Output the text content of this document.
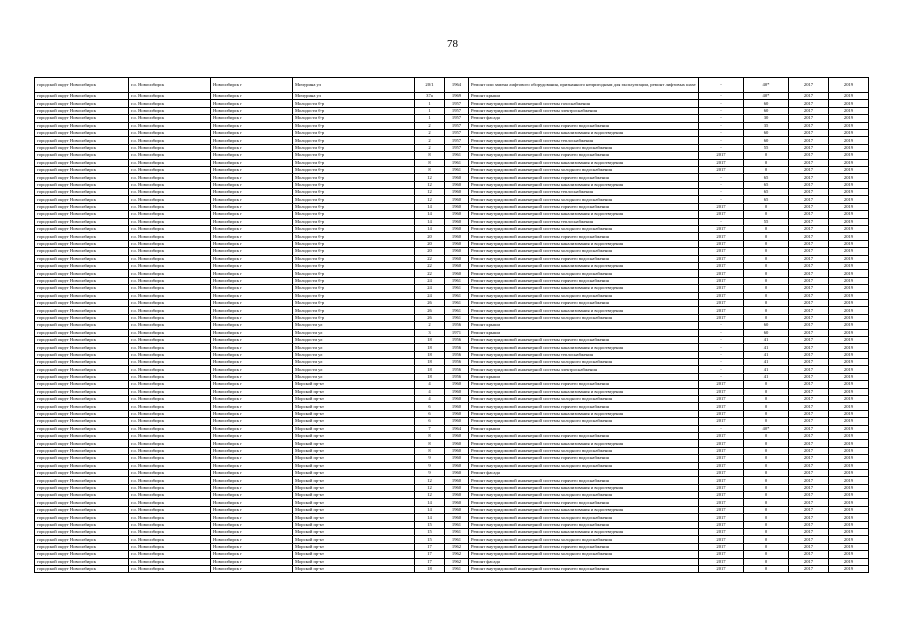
78
городской округ Новосибирск	г.о. Новосибирск	Новосибирск г	Мичурина ул	20/1	1964	Ремонт или замена лифтового оборудования, признанного непригодным для эксплуатации, ремонт лифтовых шахт	-	40*	2017	2019
городской округ Новосибирск	г.о. Новосибирск	Новосибирск г	Мичурина ул	37а	1969	Ремонт крыши	-	40*	2017	2019
городской округ Новосибирск	г.о. Новосибирск	Новосибирск г	Молодости б-р	1	1957	Ремонт внутридомовой инженерной системы газоснабжения	-	60	2017	2019
городской округ Новосибирск	г.о. Новосибирск	Новосибирск г	Молодости б-р	1	1957	Ремонт внутридомовой инженерной системы электроснабжения	-	60	2017	2019
городской округ Новосибирск	г.о. Новосибирск	Новосибирск г	Молодости б-р	1	1957	Ремонт фасада	-	30	2017	2019
городской округ Новосибирск	г.о. Новосибирск	Новосибирск г	Молодости б-р	2	1957	Ремонт внутридомовой инженерной системы горячего водоснабжения	-	35	2017	2019
городской округ Новосибирск	г.о. Новосибирск	Новосибирск г	Молодости б-р	2	1957	Ремонт внутридомовой инженерной системы канализования и водоотведения	-	60	2017	2019
городской округ Новосибирск	г.о. Новосибирск	Новосибирск г	Молодости б-р	2	1957	Ремонт внутридомовой инженерной системы теплоснабжения	-	60	2017	2019
городской округ Новосибирск	г.о. Новосибирск	Новосибирск г	Молодости б-р	2	1957	Ремонт внутридомовой инженерной системы холодного водоснабжения	-	55	2017	2019
городской округ Новосибирск	г.о. Новосибирск	Новосибирск г	Молодости б-р	8	1961	Ремонт внутридомовой инженерной системы горячего водоснабжения	2017	0	2017	2019
городской округ Новосибирск	г.о. Новосибирск	Новосибирск г	Молодости б-р	8	1961	Ремонт внутридомовой инженерной системы канализования и водоотведения	2017	0	2017	2019
городской округ Новосибирск	г.о. Новосибирск	Новосибирск г	Молодости б-р	8	1961	Ремонт внутридомовой инженерной системы холодного водоснабжения	2017	0	2017	2019
городской округ Новосибирск	г.о. Новосибирск	Новосибирск г	Молодости б-р	12	1960	Ремонт внутридомовой инженерной системы горячего водоснабжения	-	65	2017	2019
городской округ Новосибирск	г.о. Новосибирск	Новосибирск г	Молодости б-р	12	1960	Ремонт внутридомовой инженерной системы канализования и водоотведения	-	65	2017	2019
городской округ Новосибирск	г.о. Новосибирск	Новосибирск г	Молодости б-р	12	1960	Ремонт внутридомовой инженерной системы теплоснабжения	-	65	2017	2019
городской округ Новосибирск	г.о. Новосибирск	Новосибирск г	Молодости б-р	12	1960	Ремонт внутридомовой инженерной системы холодного водоснабжения	-	65	2017	2019
городской округ Новосибирск	г.о. Новосибирск	Новосибирск г	Молодости б-р	14	1960	Ремонт внутридомовой инженерной системы горячего водоснабжения	2017	0	2017	2019
городской округ Новосибирск	г.о. Новосибирск	Новосибирск г	Молодости б-р	14	1960	Ремонт внутридомовой инженерной системы канализования и водоотведения	2017	0	2017	2019
городской округ Новосибирск	г.о. Новосибирск	Новосибирск г	Молодости б-р	14	1960	Ремонт внутридомовой инженерной системы теплоснабжения	-	55	2017	2019
городской округ Новосибирск	г.о. Новосибирск	Новосибирск г	Молодости б-р	14	1960	Ремонт внутридомовой инженерной системы холодного водоснабжения	2017	0	2017	2019
городской округ Новосибирск	г.о. Новосибирск	Новосибирск г	Молодости б-р	20	1960	Ремонт внутридомовой инженерной системы горячего водоснабжения	2017	0	2017	2019
городской округ Новосибирск	г.о. Новосибирск	Новосибирск г	Молодости б-р	20	1960	Ремонт внутридомовой инженерной системы канализования и водоотведения	2017	0	2017	2019
городской округ Новосибирск	г.о. Новосибирск	Новосибирск г	Молодости б-р	20	1960	Ремонт внутридомовой инженерной системы холодного водоснабжения	2017	0	2017	2019
городской округ Новосибирск	г.о. Новосибирск	Новосибирск г	Молодости б-р	22	1960	Ремонт внутридомовой инженерной системы горячего водоснабжения	2017	0	2017	2019
городской округ Новосибирск	г.о. Новосибирск	Новосибирск г	Молодости б-р	22	1960	Ремонт внутридомовой инженерной системы канализования и водоотведения	2017	0	2017	2019
городской округ Новосибирск	г.о. Новосибирск	Новосибирск г	Молодости б-р	22	1960	Ремонт внутридомовой инженерной системы холодного водоснабжения	2017	0	2017	2019
городской округ Новосибирск	г.о. Новосибирск	Новосибирск г	Молодости б-р	24	1961	Ремонт внутридомовой инженерной системы горячего водоснабжения	2017	0	2017	2019
городской округ Новосибирск	г.о. Новосибирск	Новосибирск г	Молодости б-р	24	1961	Ремонт внутридомовой инженерной системы канализования и водоотведения	2017	0	2017	2019
городской округ Новосибирск	г.о. Новосибирск	Новосибирск г	Молодости б-р	24	1961	Ремонт внутридомовой инженерной системы холодного водоснабжения	2017	0	2017	2019
городской округ Новосибирск	г.о. Новосибирск	Новосибирск г	Молодости б-р	26	1961	Ремонт внутридомовой инженерной системы горячего водоснабжения	2017	0	2017	2019
городской округ Новосибирск	г.о. Новосибирск	Новосибирск г	Молодости б-р	26	1961	Ремонт внутридомовой инженерной системы канализования и водоотведения	2017	0	2017	2019
городской округ Новосибирск	г.о. Новосибирск	Новосибирск г	Молодости б-р	26	1961	Ремонт внутридомовой инженерной системы холодного водоснабжения	2017	0	2017	2019
городской округ Новосибирск	г.о. Новосибирск	Новосибирск г	Молодости ул	2	1956	Ремонт крыши	-	60	2017	2019
городской округ Новосибирск	г.о. Новосибирск	Новосибирск г	Молодости ул	3	1971	Ремонт крыши	-	60	2017	2019
городской округ Новосибирск	г.о. Новосибирск	Новосибирск г	Молодости ул	18	1956	Ремонт внутридомовой инженерной системы горячего водоснабжения	-	41	2017	2019
городской округ Новосибирск	г.о. Новосибирск	Новосибирск г	Молодости ул	18	1956	Ремонт внутридомовой инженерной системы канализования и водоотведения	-	41	2017	2019
городской округ Новосибирск	г.о. Новосибирск	Новосибирск г	Молодости ул	18	1956	Ремонт внутридомовой инженерной системы теплоснабжения	-	41	2017	2019
городской округ Новосибирск	г.о. Новосибирск	Новосибирск г	Молодости ул	18	1956	Ремонт внутридомовой инженерной системы холодного водоснабжения	-	41	2017	2019
городской округ Новосибирск	г.о. Новосибирск	Новосибирск г	Молодости ул	18	1956	Ремонт внутридомовой инженерной системы электроснабжения	-	41	2017	2019
городской округ Новосибирск	г.о. Новосибирск	Новосибирск г	Молодости ул	18	1956	Ремонт крыши	-	41	2017	2019
городской округ Новосибирск	г.о. Новосибирск	Новосибирск г	Морской пр-кт	4	1960	Ремонт внутридомовой инженерной системы горячего водоснабжения	2017	0	2017	2019
городской округ Новосибирск	г.о. Новосибирск	Новосибирск г	Морской пр-кт	4	1960	Ремонт внутридомовой инженерной системы канализования и водоотведения	2017	0	2017	2019
городской округ Новосибирск	г.о. Новосибирск	Новосибирск г	Морской пр-кт	4	1960	Ремонт внутридомовой инженерной системы холодного водоснабжения	2017	0	2017	2019
городской округ Новосибирск	г.о. Новосибирск	Новосибирск г	Морской пр-кт	6	1960	Ремонт внутридомовой инженерной системы горячего водоснабжения	2017	0	2017	2019
городской округ Новосибирск	г.о. Новосибирск	Новосибирск г	Морской пр-кт	6	1960	Ремонт внутридомовой инженерной системы канализования и водоотведения	2017	0	2017	2019
городской округ Новосибирск	г.о. Новосибирск	Новосибирск г	Морской пр-кт	6	1960	Ремонт внутридомовой инженерной системы холодного водоснабжения	2017	0	2017	2019
городской округ Новосибирск	г.о. Новосибирск	Новосибирск г	Морской пр-кт	7	1964	Ремонт крыши	-	40*	2017	2019
городской округ Новосибирск	г.о. Новосибирск	Новосибирск г	Морской пр-кт	8	1960	Ремонт внутридомовой инженерной системы горячего водоснабжения	2017	0	2017	2019
городской округ Новосибирск	г.о. Новосибирск	Новосибирск г	Морской пр-кт	8	1960	Ремонт внутридомовой инженерной системы канализования и водоотведения	2017	0	2017	2019
городской округ Новосибирск	г.о. Новосибирск	Новосибирск г	Морской пр-кт	8	1960	Ремонт внутридомовой инженерной системы холодного водоснабжения	2017	0	2017	2019
городской округ Новосибирск	г.о. Новосибирск	Новосибирск г	Морской пр-кт	9	1960	Ремонт внутридомовой инженерной системы горячего водоснабжения	2017	0	2017	2019
городской округ Новосибирск	г.о. Новосибирск	Новосибирск г	Морской пр-кт	9	1960	Ремонт внутридомовой инженерной системы холодного водоснабжения	2017	0	2017	2019
городской округ Новосибирск	г.о. Новосибирск	Новосибирск г	Морской пр-кт	9	1960	Ремонт фасада	2017	0	2017	2019
городской округ Новосибирск	г.о. Новосибирск	Новосибирск г	Морской пр-кт	12	1960	Ремонт внутридомовой инженерной системы горячего водоснабжения	2017	0	2017	2019
городской округ Новосибирск	г.о. Новосибирск	Новосибирск г	Морской пр-кт	12	1960	Ремонт внутридомовой инженерной системы канализования и водоотведения	2017	0	2017	2019
городской округ Новосибирск	г.о. Новосибирск	Новосибирск г	Морской пр-кт	12	1960	Ремонт внутридомовой инженерной системы холодного водоснабжения	2017	0	2017	2019
городской округ Новосибирск	г.о. Новосибирск	Новосибирск г	Морской пр-кт	14	1960	Ремонт внутридомовой инженерной системы горячего водоснабжения	2017	0	2017	2019
городской округ Новосибирск	г.о. Новосибирск	Новосибирск г	Морской пр-кт	14	1960	Ремонт внутридомовой инженерной системы канализования и водоотведения	2017	0	2017	2019
городской округ Новосибирск	г.о. Новосибирск	Новосибирск г	Морской пр-кт	14	1960	Ремонт внутридомовой инженерной системы холодного водоснабжения	2017	0	2017	2019
городской округ Новосибирск	г.о. Новосибирск	Новосибирск г	Морской пр-кт	15	1961	Ремонт внутридомовой инженерной системы горячего водоснабжения	2017	0	2017	2019
городской округ Новосибирск	г.о. Новосибирск	Новосибирск г	Морской пр-кт	15	1961	Ремонт внутридомовой инженерной системы канализования и водоотведения	2017	0	2017	2019
городской округ Новосибирск	г.о. Новосибирск	Новосибирск г	Морской пр-кт	15	1961	Ремонт внутридомовой инженерной системы холодного водоснабжения	2017	0	2017	2019
городской округ Новосибирск	г.о. Новосибирск	Новосибирск г	Морской пр-кт	17	1962	Ремонт внутридомовой инженерной системы горячего водоснабжения	2017	0	2017	2019
городской округ Новосибирск	г.о. Новосибирск	Новосибирск г	Морской пр-кт	17	1962	Ремонт внутридомовой инженерной системы холодного водоснабжения	2017	0	2017	2019
городской округ Новосибирск	г.о. Новосибирск	Новосибирск г	Морской пр-кт	17	1962	Ремонт фасада	2017	0	2017	2019
городской округ Новосибирск	г.о. Новосибирск	Новосибирск г	Морской пр-кт	18	1961	Ремонт внутридомовой инженерной системы горячего водоснабжения	2017	0	2017	2019
